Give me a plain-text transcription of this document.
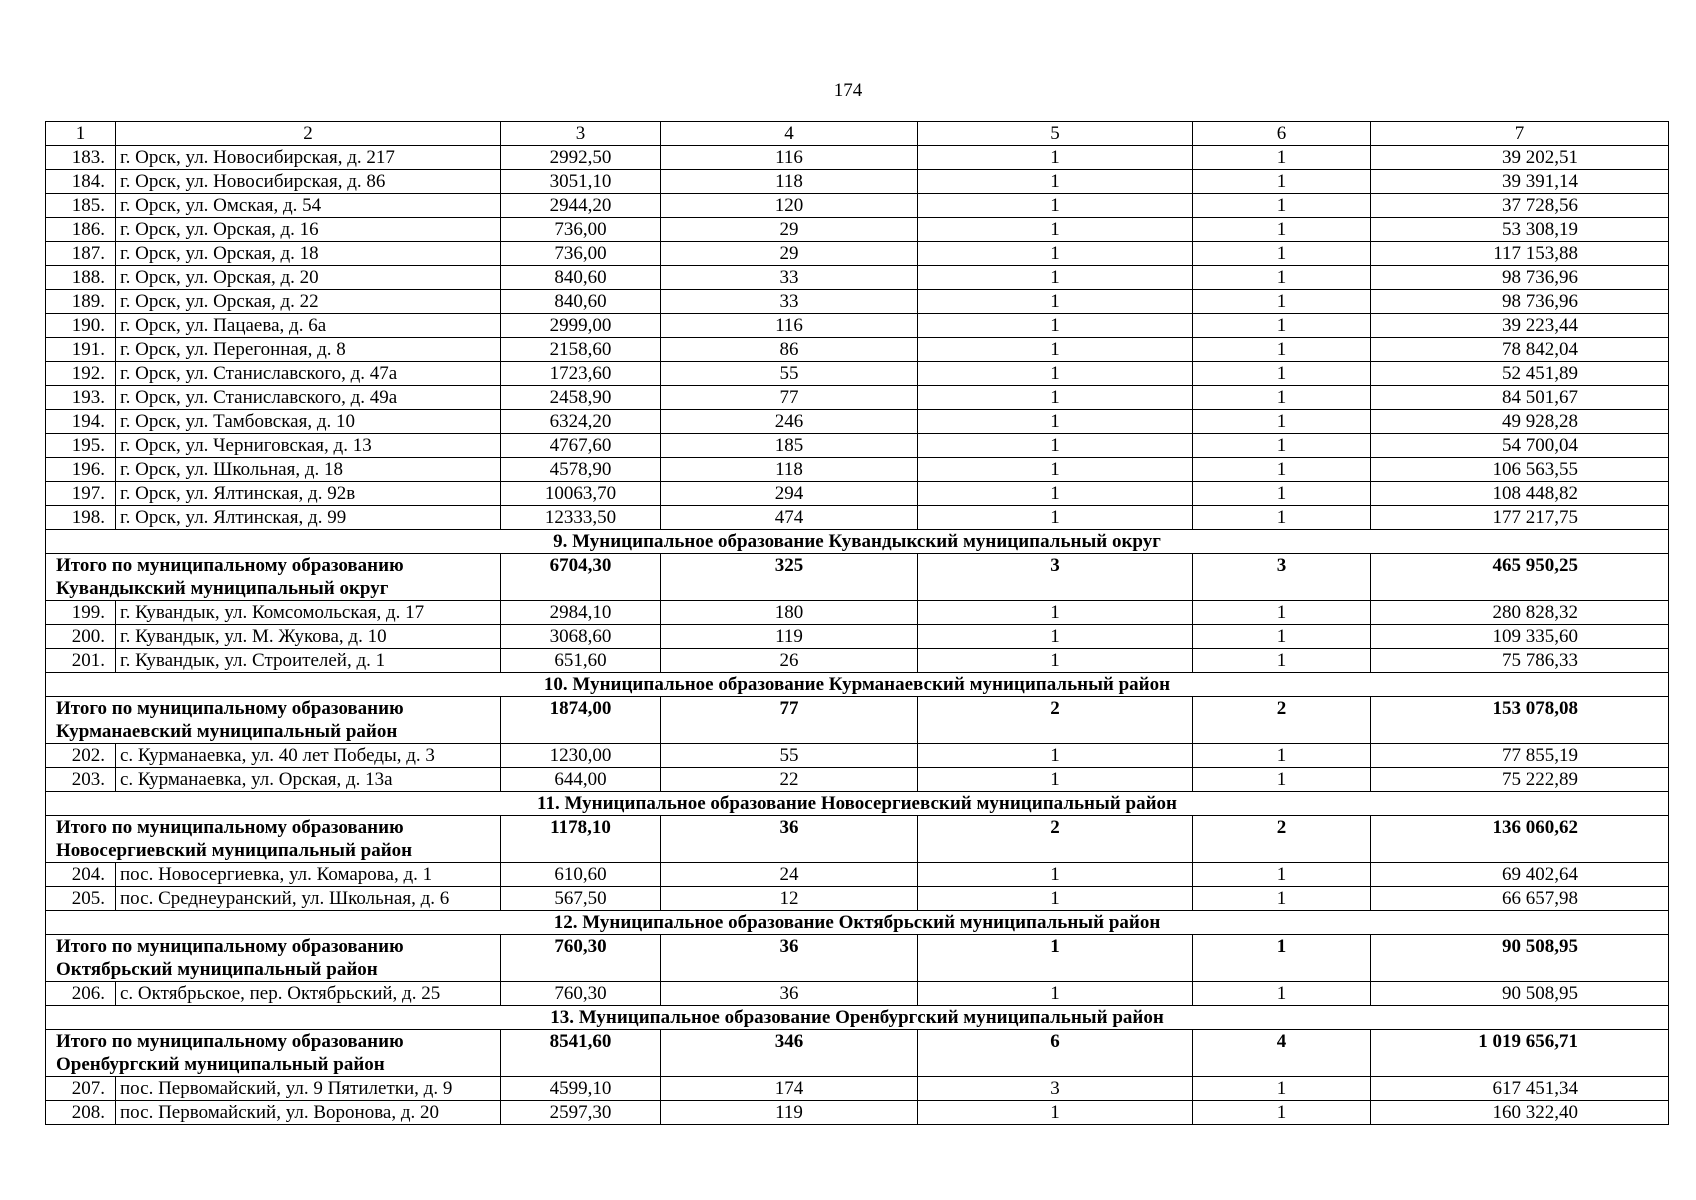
174
1	2	3	4	5	6	7
183.	г. Орск, ул. Новосибирская, д. 217	2992,50	116	1	1	39 202,51
184.	г. Орск, ул. Новосибирская, д. 86	3051,10	118	1	1	39 391,14
185.	г. Орск, ул. Омская, д. 54	2944,20	120	1	1	37 728,56
186.	г. Орск, ул. Орская, д. 16	736,00	29	1	1	53 308,19
187.	г. Орск, ул. Орская, д. 18	736,00	29	1	1	117 153,88
188.	г. Орск, ул. Орская, д. 20	840,60	33	1	1	98 736,96
189.	г. Орск, ул. Орская, д. 22	840,60	33	1	1	98 736,96
190.	г. Орск, ул. Пацаева, д. 6а	2999,00	116	1	1	39 223,44
191.	г. Орск, ул. Перегонная, д. 8	2158,60	86	1	1	78 842,04
192.	г. Орск, ул. Станиславского, д. 47а	1723,60	55	1	1	52 451,89
193.	г. Орск, ул. Станиславского, д. 49а	2458,90	77	1	1	84 501,67
194.	г. Орск, ул. Тамбовская, д. 10	6324,20	246	1	1	49 928,28
195.	г. Орск, ул. Черниговская, д. 13	4767,60	185	1	1	54 700,04
196.	г. Орск, ул. Школьная, д. 18	4578,90	118	1	1	106 563,55
197.	г. Орск, ул. Ялтинская, д. 92в	10063,70	294	1	1	108 448,82
198.	г. Орск, ул. Ялтинская, д. 99	12333,50	474	1	1	177 217,75
9. Муниципальное образование Кувандыкский муниципальный округ						
Итого по муниципальному образованию Кувандыкский муниципальный округ		6704,30	325	3	3	465 950,25
199.	г. Кувандык, ул. Комсомольская, д. 17	2984,10	180	1	1	280 828,32
200.	г. Кувандык, ул. М. Жукова, д. 10	3068,60	119	1	1	109 335,60
201.	г. Кувандык, ул. Строителей, д. 1	651,60	26	1	1	75 786,33
10. Муниципальное образование Курманаевский муниципальный район						
Итого по муниципальному образованию Курманаевский муниципальный район		1874,00	77	2	2	153 078,08
202.	с. Курманаевка, ул. 40 лет Победы, д. 3	1230,00	55	1	1	77 855,19
203.	с. Курманаевка, ул. Орская, д. 13а	644,00	22	1	1	75 222,89
11. Муниципальное образование Новосергиевский муниципальный район						
Итого по муниципальному образованию Новосергиевский муниципальный район		1178,10	36	2	2	136 060,62
204.	пос. Новосергиевка, ул. Комарова, д. 1	610,60	24	1	1	69 402,64
205.	пос. Среднеуранский, ул. Школьная, д. 6	567,50	12	1	1	66 657,98
12. Муниципальное образование Октябрьский муниципальный район						
Итого по муниципальному образованию Октябрьский муниципальный район		760,30	36	1	1	90 508,95
206.	с. Октябрьское, пер. Октябрьский, д. 25	760,30	36	1	1	90 508,95
13. Муниципальное образование Оренбургский муниципальный район						
Итого по муниципальному образованию Оренбургский муниципальный район		8541,60	346	6	4	1 019 656,71
207.	пос. Первомайский, ул. 9 Пятилетки, д. 9	4599,10	174	3	1	617 451,34
208.	пос. Первомайский, ул. Воронова, д. 20	2597,30	119	1	1	160 322,40
